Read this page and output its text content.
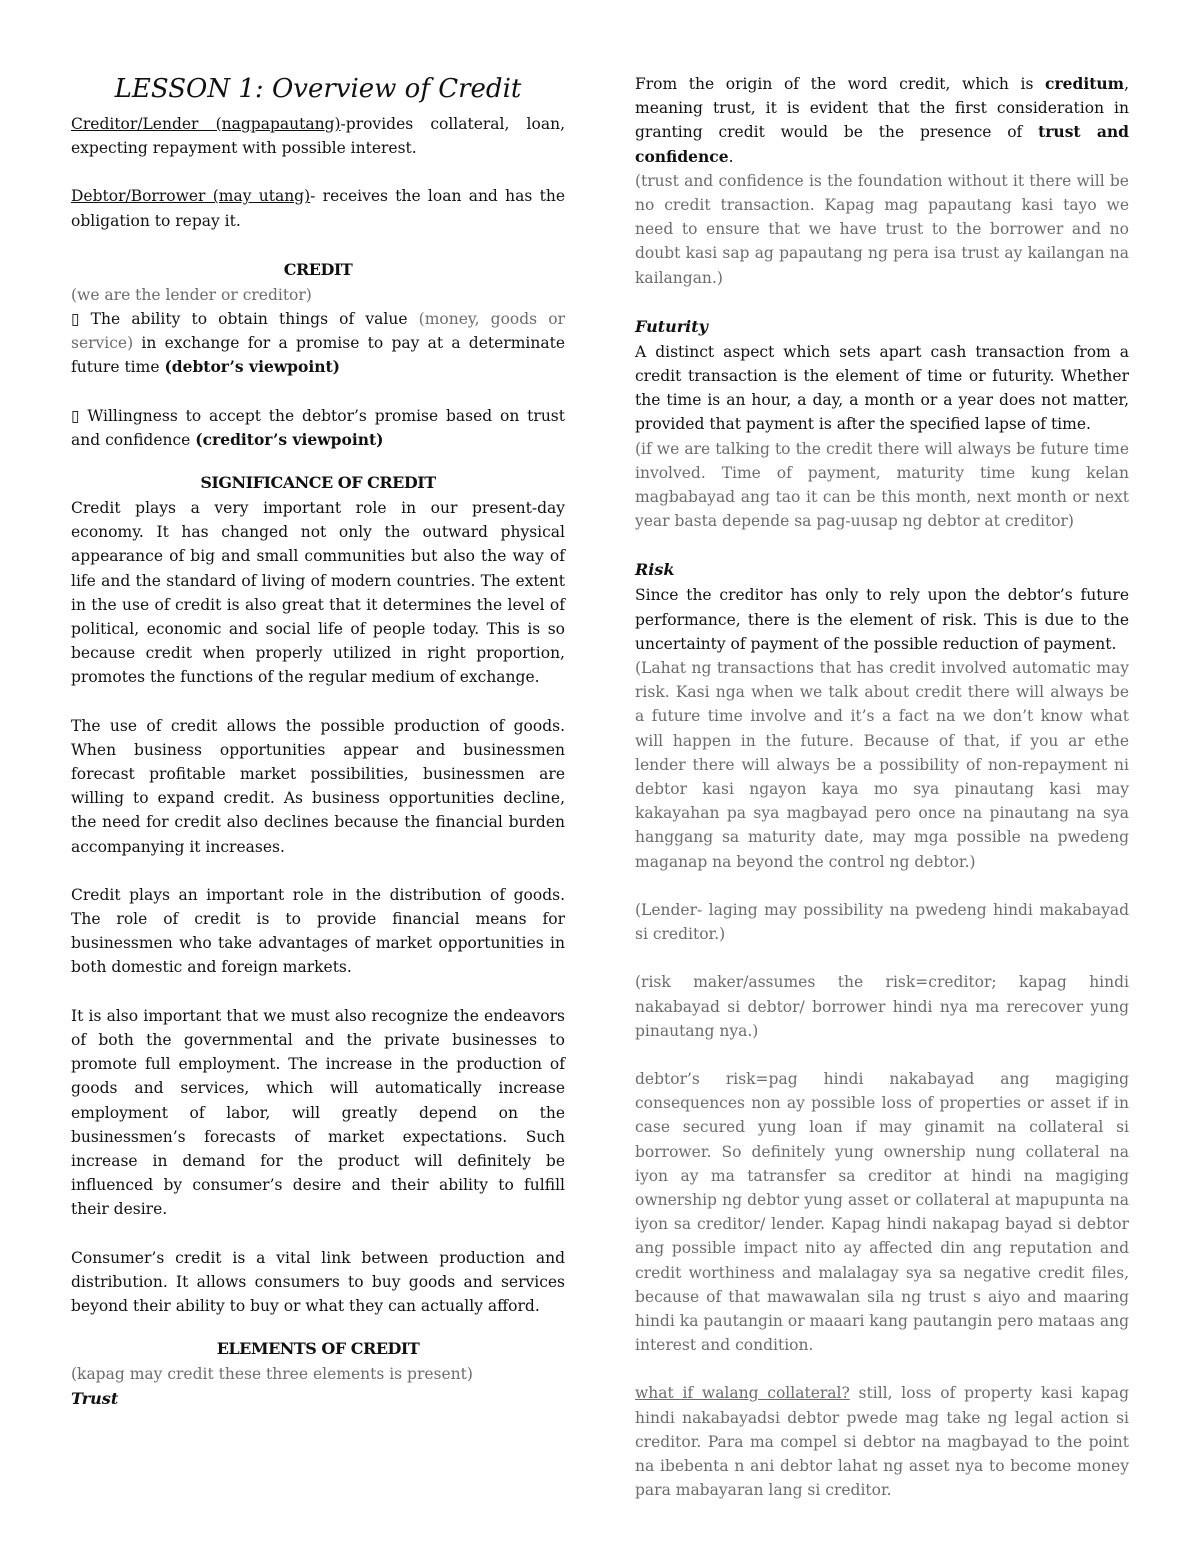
LESSON 1: Overview of Credit

Creditor/Lender (nagpapautang)-provides collateral, loan, expecting repayment with possible interest.

Debtor/Borrower (may utang)- receives the loan and has the obligation to repay it.

CREDIT

(we are the lender or creditor)

▯ The ability to obtain things of value (money, goods or service) in exchange for a promise to pay at a determinate future time (debtor’s viewpoint)

▯ Willingness to accept the debtor’s promise based on trust and confidence (creditor’s viewpoint)

SIGNIFICANCE OF CREDIT

Credit plays a very important role in our present-day economy. It has changed not only the outward physical appearance of big and small communities but also the way of life and the standard of living of modern countries. The extent in the use of credit is also great that it determines the level of political, economic and social life of people today. This is so because credit when properly utilized in right proportion, promotes the functions of the regular medium of exchange.

The use of credit allows the possible production of goods. When business opportunities appear and businessmen forecast profitable market possibilities, businessmen are willing to expand credit. As business opportunities decline, the need for credit also declines because the financial burden accompanying it increases.

Credit plays an important role in the distribution of goods. The role of credit is to provide financial means for businessmen who take advantages of market opportunities in both domestic and foreign markets.

It is also important that we must also recognize the endeavors of both the governmental and the private businesses to promote full employment. The increase in the production of goods and services, which will automatically increase employment of labor, will greatly depend on the businessmen’s forecasts of market expectations. Such increase in demand for the product will definitely be influenced by consumer’s desire and their ability to fulfill their desire.

Consumer’s credit is a vital link between production and distribution. It allows consumers to buy goods and services beyond their ability to buy or what they can actually afford.

ELEMENTS OF CREDIT

(kapag may credit these three elements is present)

Trust

From the origin of the word credit, which is creditum, meaning trust, it is evident that the first consideration in granting credit would be the presence of trust and confidence.

(trust and confidence is the foundation without it there will be no credit transaction. Kapag mag papautang kasi tayo we need to ensure that we have trust to the borrower and no doubt kasi sap ag papautang ng pera isa trust ay kailangan na kailangan.)

Futurity

A distinct aspect which sets apart cash transaction from a credit transaction is the element of time or futurity. Whether the time is an hour, a day, a month or a year does not matter, provided that payment is after the specified lapse of time.

(if we are talking to the credit there will always be future time involved. Time of payment, maturity time kung kelan magbabayad ang tao it can be this month, next month or next year basta depende sa pag-uusap ng debtor at creditor)

Risk

Since the creditor has only to rely upon the debtor’s future performance, there is the element of risk. This is due to the uncertainty of payment of the possible reduction of payment.

(Lahat ng transactions that has credit involved automatic may risk. Kasi nga when we talk about credit there will always be a future time involve and it’s a fact na we don’t know what will happen in the future. Because of that, if you ar ethe lender there will always be a possibility of non-repayment ni debtor kasi ngayon kaya mo sya pinautang kasi may kakayahan pa sya magbayad pero once na pinautang na sya hanggang sa maturity date, may mga possible na pwedeng maganap na beyond the control ng debtor.)

(Lender- laging may possibility na pwedeng hindi makabayad si creditor.)

(risk maker/assumes the risk=creditor; kapag hindi nakabayad si debtor/ borrower hindi nya ma rerecover yung pinautang nya.)

debtor’s risk=pag hindi nakabayad ang magiging consequences non ay possible loss of properties or asset if in case secured yung loan if may ginamit na collateral si borrower. So definitely yung ownership nung collateral na iyon ay ma tatransfer sa creditor at hindi na magiging ownership ng debtor yung asset or collateral at mapupunta na iyon sa creditor/ lender. Kapag hindi nakapag bayad si debtor ang possible impact nito ay affected din ang reputation and credit worthiness and malalagay sya sa negative credit files, because of that mawawalan sila ng trust s aiyo and maaring hindi ka pautangin or maaari kang pautangin pero mataas ang interest and condition.

what if walang collateral? still, loss of property kasi kapag hindi nakabayadsi debtor pwede mag take ng legal action si creditor. Para ma compel si debtor na magbayad to the point na ibebenta n ani debtor lahat ng asset nya to become money para mabayaran lang si creditor.
